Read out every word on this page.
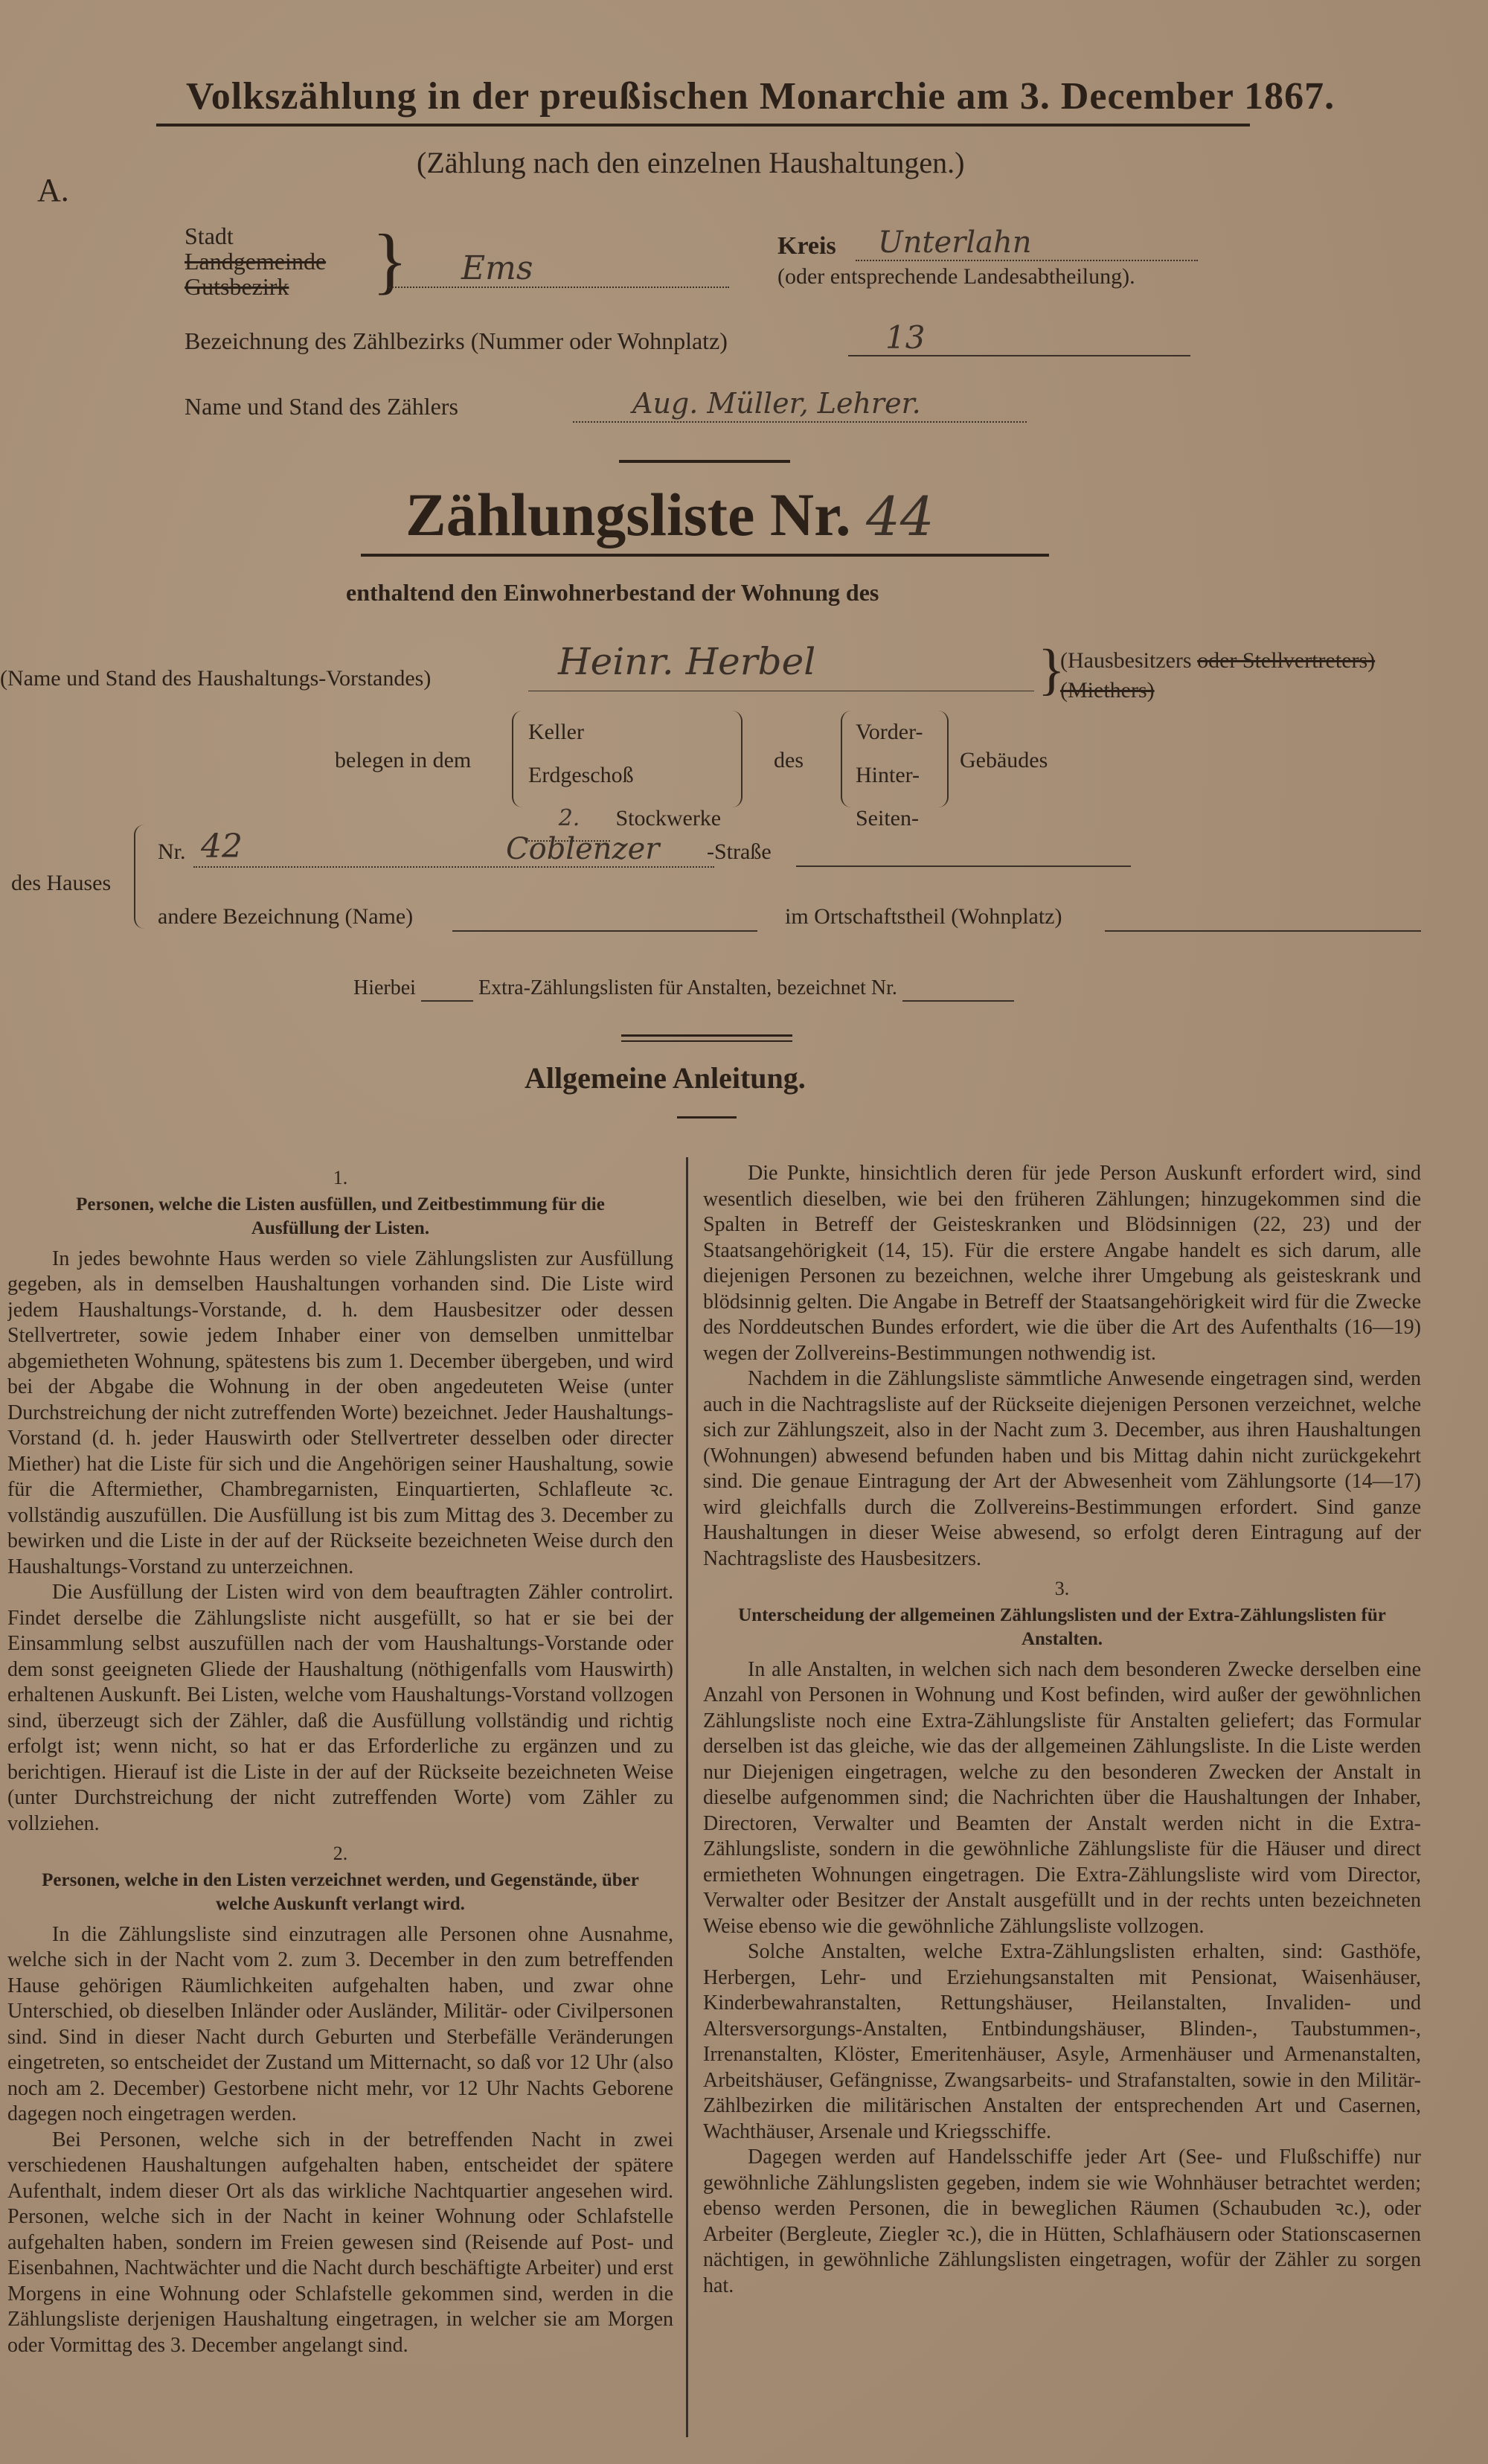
Volkszählung in der preußischen Monarchie am 3. December 1867.
(Zählung nach den einzelnen Haushaltungen.)
A.
Stadt
Landgemeinde
Gutsbezirk	} Ems
Kreis Unterlahn
(oder entsprechende Landesabtheilung).
Bezeichnung des Zählbezirks (Nummer oder Wohnplatz)	13
Name und Stand des Zählers	Aug. Müller, Lehrer.
Zählungsliste Nr. 44
enthaltend den Einwohnerbestand der Wohnung des
(Name und Stand des Haushaltungs-Vorstandes)	Heinr. Herbel	}
(Hausbesitzers oder Stellvertreters)
(Miethers)
belegen in dem
Keller
Erdgeschoß
2. Stockwerke
des
Vorder-
Hinter-
Seiten-
Gebäudes
des Hauses
Nr. 42	Coblenzer -Straße
andere Bezeichnung (Name)	im Ortschaftstheil (Wohnplatz)
Hierbei	Extra-Zählungslisten für Anstalten, bezeichnet Nr.
Allgemeine Anleitung.
1.
Personen, welche die Listen ausfüllen, und Zeitbestimmung für die Ausfüllung der Listen.

In jedes bewohnte Haus werden so viele Zählungslisten zur Ausfüllung gegeben, als in demselben Haushaltungen vorhanden sind. Die Liste wird jedem Haushaltungs-Vorstande, d. h. dem Hausbesitzer oder dessen Stellvertreter, sowie jedem Inhaber einer von demselben unmittelbar abgemietheten Wohnung, spätestens bis zum 1. December übergeben, und wird bei der Abgabe die Wohnung in der oben angedeuteten Weise (unter Durchstreichung der nicht zutreffenden Worte) bezeichnet. Jeder Haushaltungs-Vorstand (d. h. jeder Hauswirth oder Stellvertreter desselben oder directer Miether) hat die Liste für sich und die Angehörigen seiner Haushaltung, sowie für die Aftermiether, Chambregarnisten, Einquartierten, Schlafleute ꝛc. vollständig auszufüllen. Die Ausfüllung ist bis zum Mittag des 3. December zu bewirken und die Liste in der auf der Rückseite bezeichneten Weise durch den Haushaltungs-Vorstand zu unterzeichnen.

Die Ausfüllung der Listen wird von dem beauftragten Zähler controlirt. Findet derselbe die Zählungsliste nicht ausgefüllt, so hat er sie bei der Einsammlung selbst auszufüllen nach der vom Haushaltungs-Vorstande oder dem sonst geeigneten Gliede der Haushaltung (nöthigenfalls vom Hauswirth) erhaltenen Auskunft. Bei Listen, welche vom Haushaltungs-Vorstand vollzogen sind, überzeugt sich der Zähler, daß die Ausfüllung vollständig und richtig erfolgt ist; wenn nicht, so hat er das Erforderliche zu ergänzen und zu berichtigen. Hierauf ist die Liste in der auf der Rückseite bezeichneten Weise (unter Durchstreichung der nicht zutreffenden Worte) vom Zähler zu vollziehen.

2.
Personen, welche in den Listen verzeichnet werden, und Gegenstände, über welche Auskunft verlangt wird.

In die Zählungsliste sind einzutragen alle Personen ohne Ausnahme, welche sich in der Nacht vom 2. zum 3. December in den zum betreffenden Hause gehörigen Räumlichkeiten aufgehalten haben, und zwar ohne Unterschied, ob dieselben Inländer oder Ausländer, Militär- oder Civilpersonen sind. Sind in dieser Nacht durch Geburten und Sterbefälle Veränderungen eingetreten, so entscheidet der Zustand um Mitternacht, so daß vor 12 Uhr (also noch am 2. December) Gestorbene nicht mehr, vor 12 Uhr Nachts Geborene dagegen noch eingetragen werden.

Bei Personen, welche sich in der betreffenden Nacht in zwei verschiedenen Haushaltungen aufgehalten haben, entscheidet der spätere Aufenthalt, indem dieser Ort als das wirkliche Nachtquartier angesehen wird. Personen, welche sich in der Nacht in keiner Wohnung oder Schlafstelle aufgehalten haben, sondern im Freien gewesen sind (Reisende auf Post- und Eisenbahnen, Nachtwächter und die Nacht durch beschäftigte Arbeiter) und erst Morgens in eine Wohnung oder Schlafstelle gekommen sind, werden in die Zählungsliste derjenigen Haushaltung eingetragen, in welcher sie am Morgen oder Vormittag des 3. December angelangt sind.

Die Punkte, hinsichtlich deren für jede Person Auskunft erfordert wird, sind wesentlich dieselben, wie bei den früheren Zählungen; hinzugekommen sind die Spalten in Betreff der Geisteskranken und Blödsinnigen (22, 23) und der Staatsangehörigkeit (14, 15). Für die erstere Angabe handelt es sich darum, alle diejenigen Personen zu bezeichnen, welche ihrer Umgebung als geisteskrank und blödsinnig gelten. Die Angabe in Betreff der Staatsangehörigkeit wird für die Zwecke des Norddeutschen Bundes erfordert, wie die über die Art des Aufenthalts (16—19) wegen der Zollvereins-Bestimmungen nothwendig ist.

Nachdem in die Zählungsliste sämmtliche Anwesende eingetragen sind, werden auch in die Nachtragsliste auf der Rückseite diejenigen Personen verzeichnet, welche sich zur Zählungszeit, also in der Nacht zum 3. December, aus ihren Haushaltungen (Wohnungen) abwesend befunden haben und bis Mittag dahin nicht zurückgekehrt sind. Die genaue Eintragung der Art der Abwesenheit vom Zählungsorte (14—17) wird gleichfalls durch die Zollvereins-Bestimmungen erfordert. Sind ganze Haushaltungen in dieser Weise abwesend, so erfolgt deren Eintragung auf der Nachtragsliste des Hausbesitzers.

3.
Unterscheidung der allgemeinen Zählungslisten und der Extra-Zählungslisten für Anstalten.

In alle Anstalten, in welchen sich nach dem besonderen Zwecke derselben eine Anzahl von Personen in Wohnung und Kost befinden, wird außer der gewöhnlichen Zählungsliste noch eine Extra-Zählungsliste für Anstalten geliefert; das Formular derselben ist das gleiche, wie das der allgemeinen Zählungsliste. In die Liste werden nur Diejenigen eingetragen, welche zu den besonderen Zwecken der Anstalt in dieselbe aufgenommen sind; die Nachrichten über die Haushaltungen der Inhaber, Directoren, Verwalter und Beamten der Anstalt werden nicht in die Extra-Zählungsliste, sondern in die gewöhnliche Zählungsliste für die Häuser und direct ermietheten Wohnungen eingetragen. Die Extra-Zählungsliste wird vom Director, Verwalter oder Besitzer der Anstalt ausgefüllt und in der rechts unten bezeichneten Weise ebenso wie die gewöhnliche Zählungsliste vollzogen.

Solche Anstalten, welche Extra-Zählungslisten erhalten, sind: Gasthöfe, Herbergen, Lehr- und Erziehungsanstalten mit Pensionat, Waisenhäuser, Kinderbewahranstalten, Rettungshäuser, Heilanstalten, Invaliden- und Altersversorgungs-Anstalten, Entbindungshäuser, Blinden-, Taubstummen-, Irrenanstalten, Klöster, Emeritenhäuser, Asyle, Armenhäuser und Armenanstalten, Arbeitshäuser, Gefängnisse, Zwangsarbeits- und Strafanstalten, sowie in den Militär-Zählbezirken die militärischen Anstalten der entsprechenden Art und Casernen, Wachthäuser, Arsenale und Kriegsschiffe.

Dagegen werden auf Handelsschiffe jeder Art (See- und Flußschiffe) nur gewöhnliche Zählungslisten gegeben, indem sie wie Wohnhäuser betrachtet werden; ebenso werden Personen, die in beweglichen Räumen (Schaubuden ꝛc.), oder Arbeiter (Bergleute, Ziegler ꝛc.), die in Hütten, Schlafhäusern oder Stationscasernen nächtigen, in gewöhnliche Zählungslisten eingetragen, wofür der Zähler zu sorgen hat.
